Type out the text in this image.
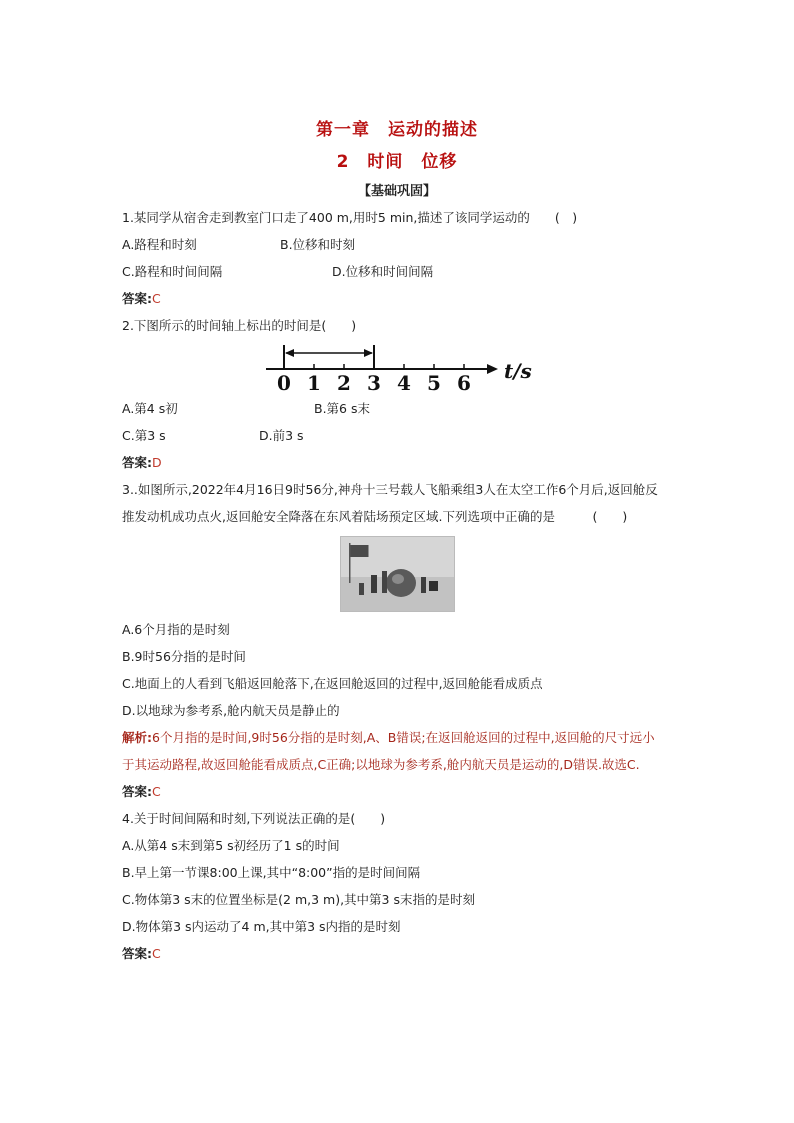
第一章　运动的描述
2　时间　位移
【基础巩固】
1.某同学从宿舍走到教室门口走了400 m,用时5 min,描述了该同学运动的　　(　)
A.路程和时刻	B.位移和时刻
C.路程和时间间隔	D.位移和时间间隔
答案:C
2.下图所示的时间轴上标出的时间是(　　)
0 1 2 3 4 5 6 t/s
A.第4 s初	B.第6 s末
C.第3 s	D.前3 s
答案:D
3..如图所示,2022年4月16日9时56分,神舟十三号载人飞船乘组3人在太空工作6个月后,返回舱反
推发动机成功点火,返回舱安全降落在东风着陆场预定区域.下列选项中正确的是　　　(　　)
A.6个月指的是时刻
B.9时56分指的是时间
C.地面上的人看到飞船返回舱落下,在返回舱返回的过程中,返回舱能看成质点
D.以地球为参考系,舱内航天员是静止的
解析:6个月指的是时间,9时56分指的是时刻,A、B错误;在返回舱返回的过程中,返回舱的尺寸远小
于其运动路程,故返回舱能看成质点,C正确;以地球为参考系,舱内航天员是运动的,D错误.故选C.
答案:C
4.关于时间间隔和时刻,下列说法正确的是(　　)
A.从第4 s末到第5 s初经历了1 s的时间
B.早上第一节课8:00上课,其中“8:00”指的是时间间隔
C.物体第3 s末的位置坐标是(2 m,3 m),其中第3 s末指的是时刻
D.物体第3 s内运动了4 m,其中第3 s内指的是时刻
答案:C
